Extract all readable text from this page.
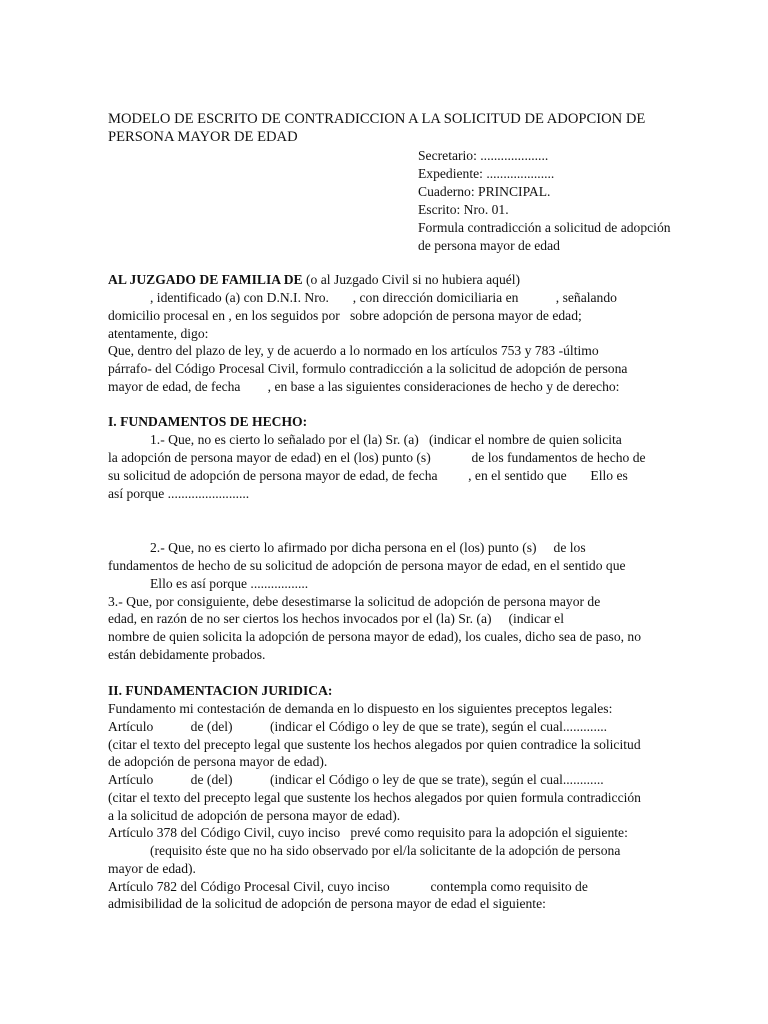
MODELO DE ESCRITO DE CONTRADICCION A LA SOLICITUD DE ADOPCION DE
PERSONA MAYOR DE EDAD
Secretario: ....................
Expediente: ....................
Cuaderno: PRINCIPAL.
Escrito: Nro. 01.
Formula contradicción a solicitud de adopción
de persona mayor de edad
AL JUZGADO DE FAMILIA DE (o al Juzgado Civil si no hubiera aquél)
, identificado (a) con D.N.I. Nro.       , con dirección domiciliaria en           , señalando
domicilio procesal en , en los seguidos por   sobre adopción de persona mayor de edad;
atentamente, digo:
Que, dentro del plazo de ley, y de acuerdo a lo normado en los artículos 753 y 783 -último
párrafo- del Código Procesal Civil, formulo contradicción a la solicitud de adopción de persona
mayor de edad, de fecha        , en base a las siguientes consideraciones de hecho y de derecho:
I. FUNDAMENTOS DE HECHO:
1.- Que, no es cierto lo señalado por el (la) Sr. (a)   (indicar el nombre de quien solicita
la adopción de persona mayor de edad) en el (los) punto (s)            de los fundamentos de hecho de
su solicitud de adopción de persona mayor de edad, de fecha         , en el sentido que       Ello es
así porque ........................
2.- Que, no es cierto lo afirmado por dicha persona en el (los) punto (s)     de los
fundamentos de hecho de su solicitud de adopción de persona mayor de edad, en el sentido que
Ello es así porque .................
3.- Que, por consiguiente, debe desestimarse la solicitud de adopción de persona mayor de
edad, en razón de no ser ciertos los hechos invocados por el (la) Sr. (a)     (indicar el
nombre de quien solicita la adopción de persona mayor de edad), los cuales, dicho sea de paso, no
están debidamente probados.
II. FUNDAMENTACION JURIDICA:
Fundamento mi contestación de demanda en lo dispuesto en los siguientes preceptos legales:
Artículo           de (del)           (indicar el Código o ley de que se trate), según el cual.............
(citar el texto del precepto legal que sustente los hechos alegados por quien contradice la solicitud
de adopción de persona mayor de edad).
Artículo           de (del)           (indicar el Código o ley de que se trate), según el cual............
(citar el texto del precepto legal que sustente los hechos alegados por quien formula contradicción
a la solicitud de adopción de persona mayor de edad).
Artículo 378 del Código Civil, cuyo inciso   prevé como requisito para la adopción el siguiente:
(requisito éste que no ha sido observado por el/la solicitante de la adopción de persona
mayor de edad).
Artículo 782 del Código Procesal Civil, cuyo inciso            contempla como requisito de
admisibilidad de la solicitud de adopción de persona mayor de edad el siguiente:
